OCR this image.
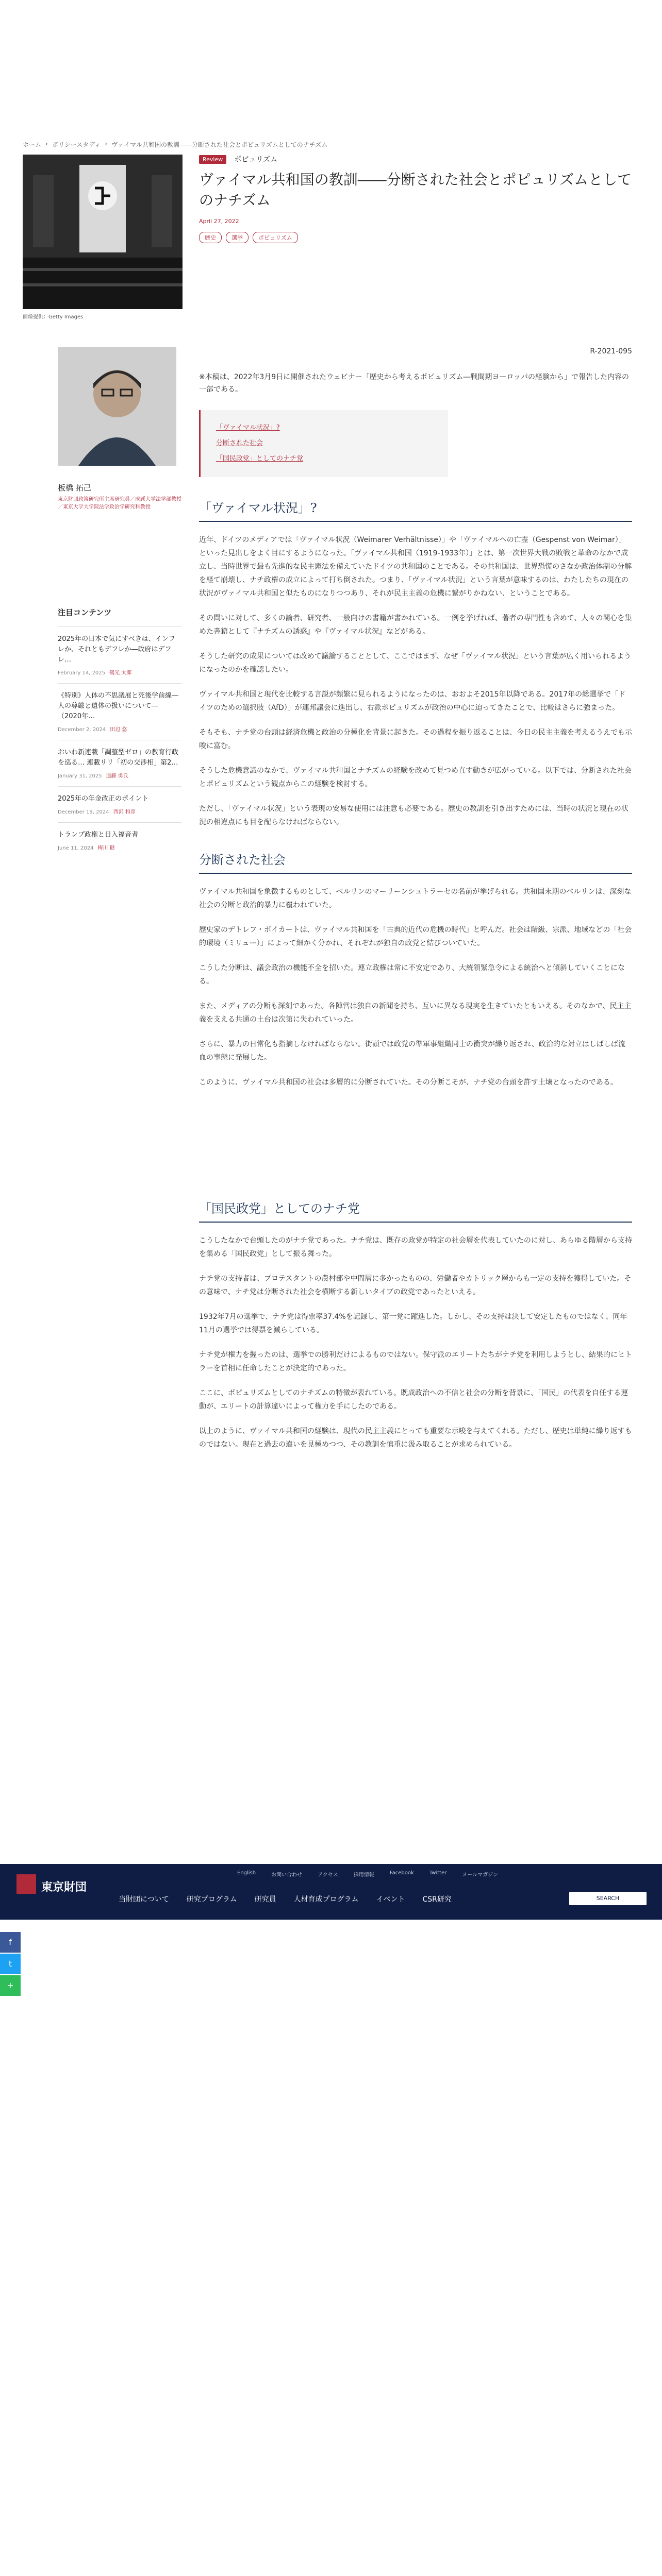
ホーム › ポリシースタディ › ヴァイマル共和国の教訓――分断された社会とポピュリズムとしてのナチズム
画像提供：Getty Images
Review ポピュリズム
ヴァイマル共和国の教訓――分断された社会とポピュリズムとしてのナチズム
April 27, 2022
歴史	選挙	ポピュリズム
板橋 拓己
東京財団政策研究所主席研究員／成蹊大学法学部教授／東京大学大学院法学政治学研究科教授
注目コンテンツ
2025年の日本で気にすべきは、インフレか、それともデフレか―政府はデフレ…
February 14, 2025 鶴光 太郎
《特別》人体の不思議展と死後学前線―人の尊厳と遺体の扱いについて―（2020年…
December 2, 2024 田辺 悠
おいわ新連載「調整型ゼロ」の教育行政を巡る… 連載リリ「初の交渉相」第2…
January 31, 2025 遠藤 勇氏
2025年の年金改正のポイント
December 19, 2024 西沢 和彦
トランプ政権と日入福音者
June 11, 2024 梅川 健
R-2021-095
※本稿は、2022年3月9日に開催されたウェビナー「歴史から考えるポピュリズム―戦間期ヨーロッパの経験から」で報告した内容の一部である。
「ヴァイマル状況」?
分断された社会
「国民政党」としてのナチ党
「ヴァイマル状況」?

近年、ドイツのメディアでは「ヴァイマル状況（Weimarer Verhältnisse）」や「ヴァイマルへの亡霊（Gespenst von Weimar）」といった見出しをよく目にするようになった。「ヴァイマル共和国（1919-1933年）」とは、第一次世界大戦の敗戦と革命のなかで成立し、当時世界で最も先進的な民主憲法を備えていたドイツの共和国のことである。その共和国は、世界恐慌のさなか政治体制の分解を経て崩壊し、ナチ政権の成立によって打ち倒された。つまり、「ヴァイマル状況」という言葉が意味するのは、わたしたちの現在の状況がヴァイマル共和国と似たものになりつつあり、それが民主主義の危機に繋がりかねない、ということである。

その問いに対して、多くの論者、研究者、一般向けの書籍が書かれている。一例を挙げれば、著者の専門性も含めて、人々の関心を集めた書籍として『ナチズムの誘惑』や『ヴァイマル状況』などがある。

そうした研究の成果については改めて議論することとして、ここではまず、なぜ「ヴァイマル状況」という言葉が広く用いられるようになったのかを確認したい。

ヴァイマル共和国と現代を比較する言説が頻繁に見られるようになったのは、おおよそ2015年以降である。2017年の総選挙で「ドイツのための選択肢（AfD）」が連邦議会に進出し、右派ポピュリズムが政治の中心に迫ってきたことで、比較はさらに強まった。

そもそも、ナチ党の台頭は経済危機と政治の分極化を背景に起きた。その過程を振り返ることは、今日の民主主義を考えるうえでも示唆に富む。

そうした危機意識のなかで、ヴァイマル共和国とナチズムの経験を改めて見つめ直す動きが広がっている。以下では、分断された社会とポピュリズムという観点からこの経験を検討する。

ただし、「ヴァイマル状況」という表現の安易な使用には注意も必要である。歴史の教訓を引き出すためには、当時の状況と現在の状況の相違点にも目を配らなければならない。

分断された社会

ヴァイマル共和国を象徴するものとして、ベルリンのマーリーンシュトラーセの名前が挙げられる。共和国末期のベルリンは、深刻な社会の分断と政治的暴力に覆われていた。

歴史家のデトレフ・ポイカートは、ヴァイマル共和国を「古典的近代の危機の時代」と呼んだ。社会は階級、宗派、地域などの「社会的環境（ミリュー）」によって細かく分かれ、それぞれが独自の政党と結びついていた。

こうした分断は、議会政治の機能不全を招いた。連立政権は常に不安定であり、大統領緊急令による統治へと傾斜していくことになる。

また、メディアの分断も深刻であった。各陣営は独自の新聞を持ち、互いに異なる現実を生きていたともいえる。そのなかで、民主主義を支える共通の土台は次第に失われていった。

さらに、暴力の日常化も指摘しなければならない。街頭では政党の準軍事組織同士の衝突が繰り返され、政治的な対立はしばしば流血の事態に発展した。

このように、ヴァイマル共和国の社会は多層的に分断されていた。その分断こそが、ナチ党の台頭を許す土壌となったのである。

「国民政党」としてのナチ党

こうしたなかで台頭したのがナチ党であった。ナチ党は、既存の政党が特定の社会層を代表していたのに対し、あらゆる階層から支持を集める「国民政党」として振る舞った。

ナチ党の支持者は、プロテスタントの農村部や中間層に多かったものの、労働者やカトリック層からも一定の支持を獲得していた。その意味で、ナチ党は分断された社会を横断する新しいタイプの政党であったといえる。

1932年7月の選挙で、ナチ党は得票率37.4%を記録し、第一党に躍進した。しかし、その支持は決して安定したものではなく、同年11月の選挙では得票を減らしている。

ナチ党が権力を握ったのは、選挙での勝利だけによるものではない。保守派のエリートたちがナチ党を利用しようとし、結果的にヒトラーを首相に任命したことが決定的であった。

ここに、ポピュリズムとしてのナチズムの特徴が表れている。既成政治への不信と社会の分断を背景に、「国民」の代表を自任する運動が、エリートの計算違いによって権力を手にしたのである。

以上のように、ヴァイマル共和国の経験は、現代の民主主義にとっても重要な示唆を与えてくれる。ただし、歴史は単純に繰り返すものではない。現在と過去の違いを見極めつつ、その教訓を慎重に汲み取ることが求められている。

東京財団
English	お問い合わせ	アクセス	採用情報	Facebook	Twitter	メールマガジン
当財団について 研究プログラム 研究員 人材育成プログラム イベント CSR研究	SEARCH
f
t
+
